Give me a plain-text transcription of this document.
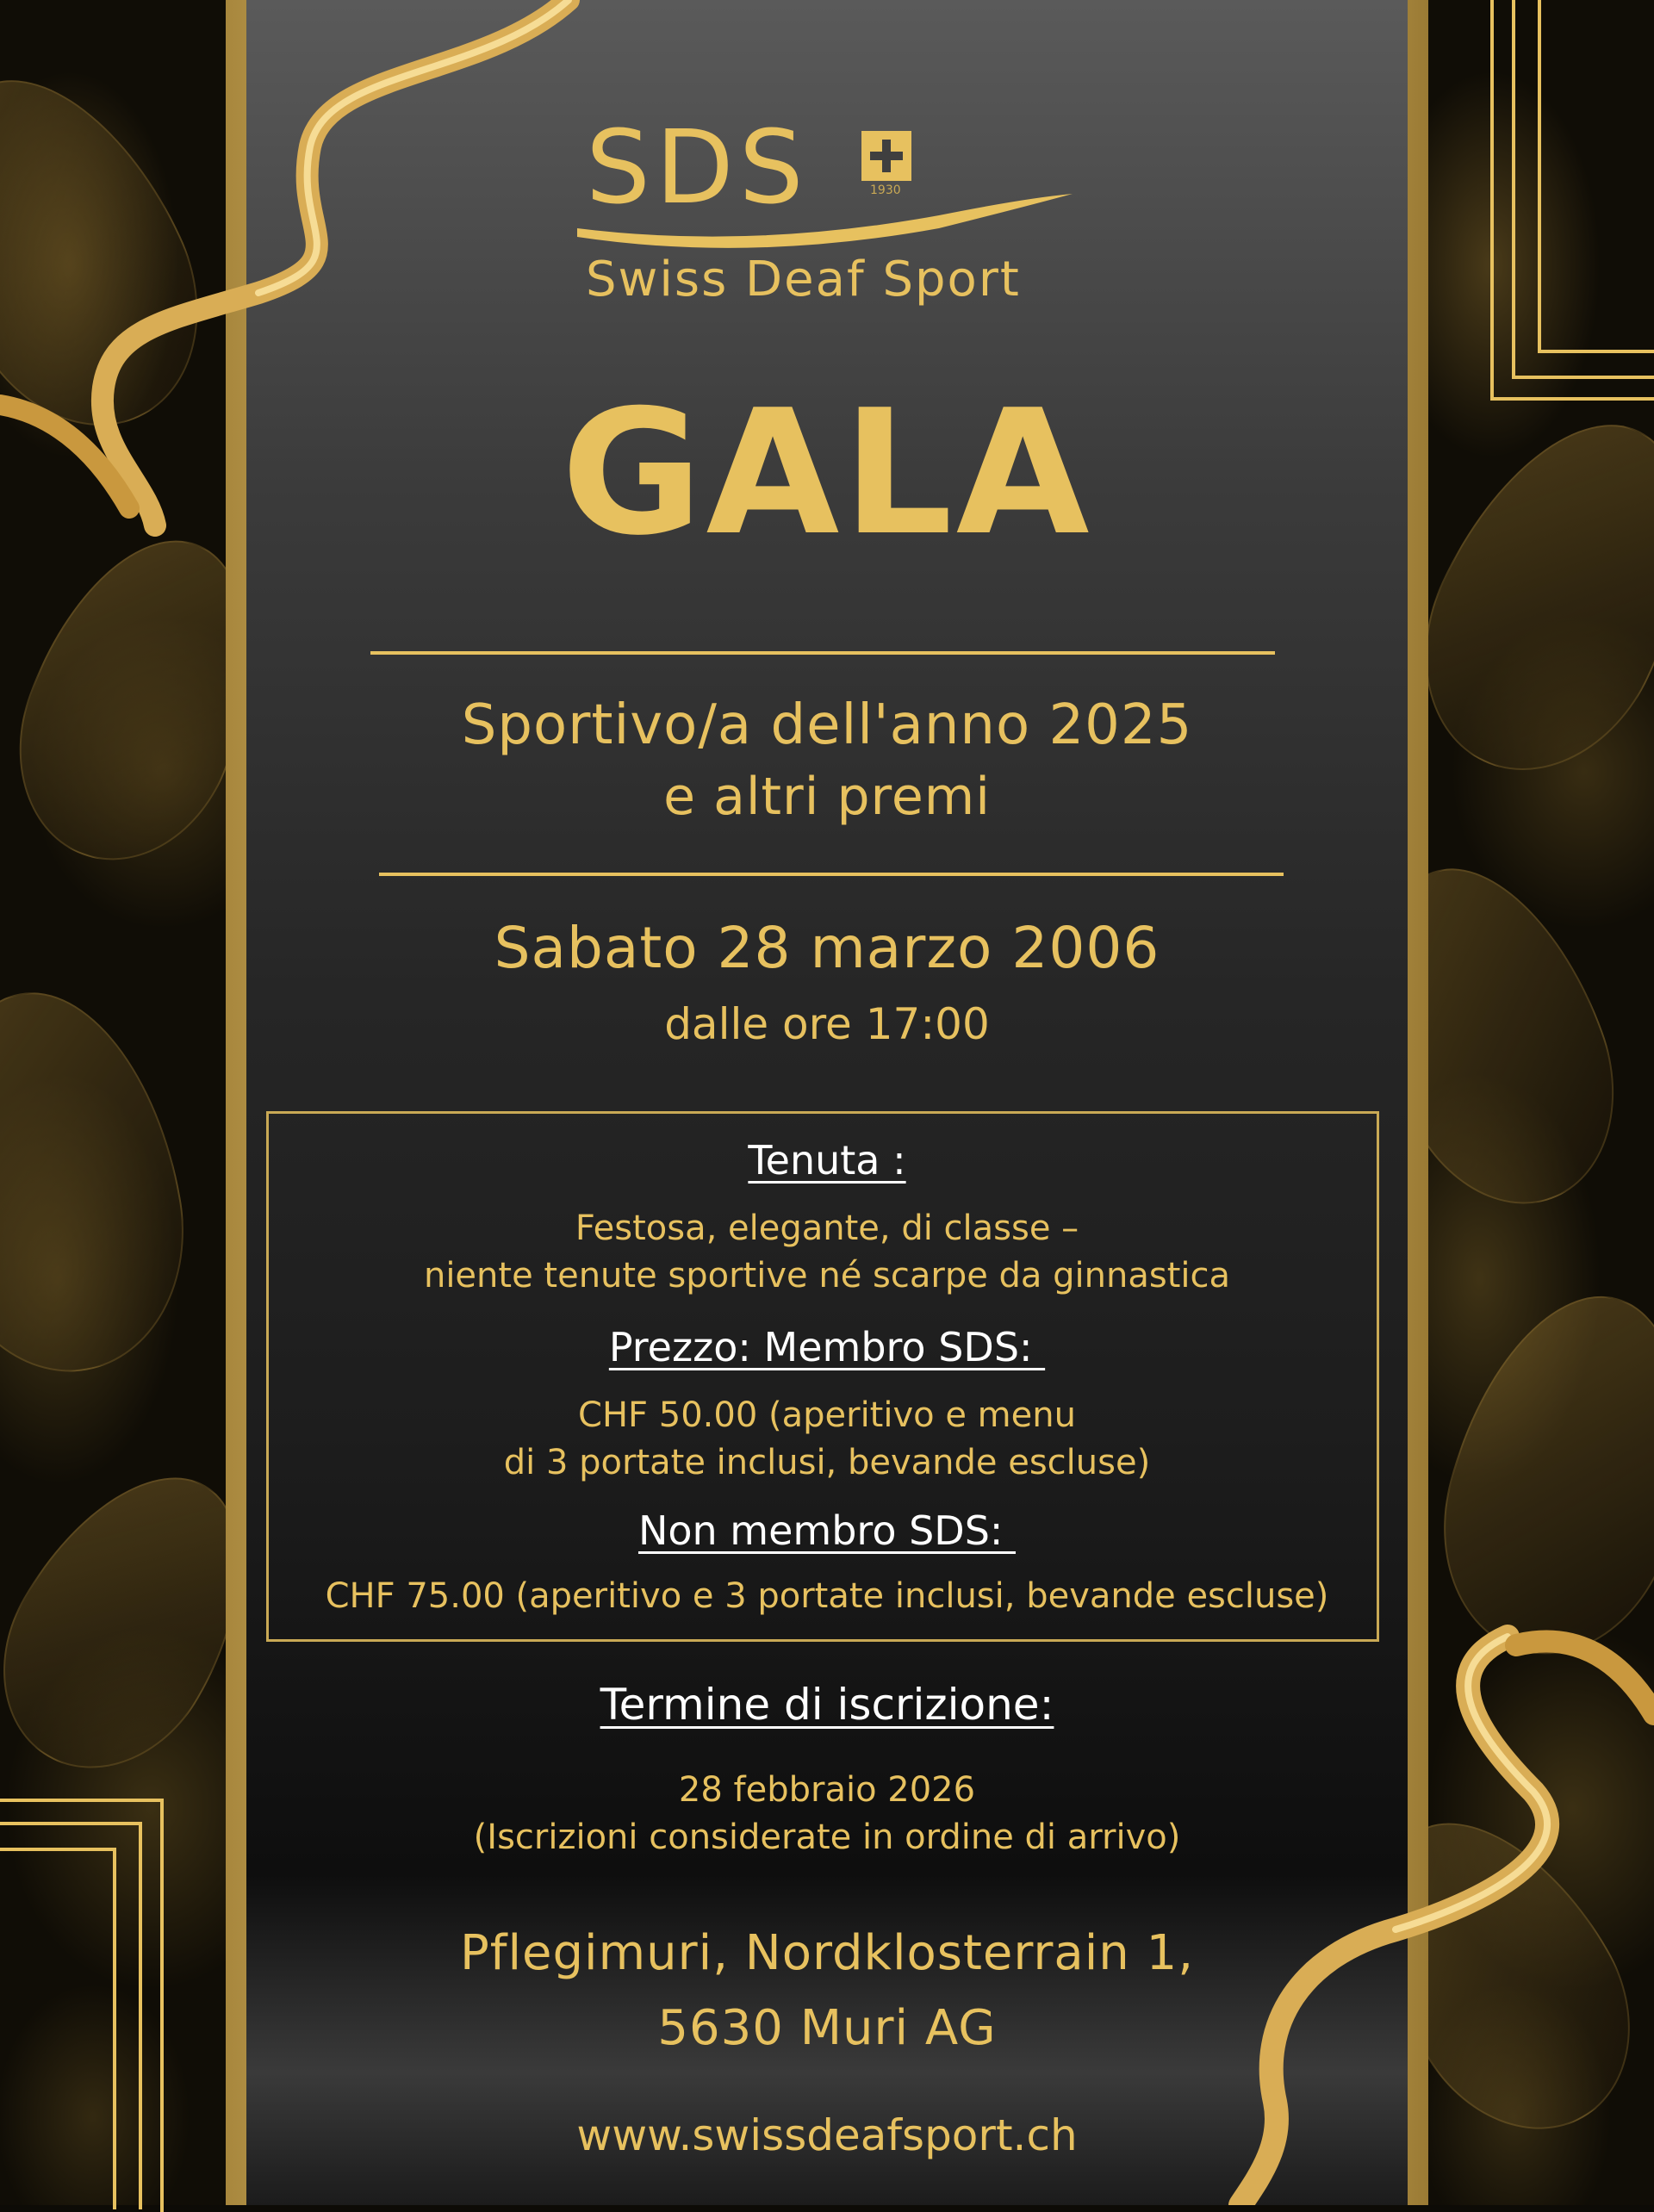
SDS	1930
Swiss Deaf Sport
GALA
Sportivo/a dell'anno 2025
e altri premi
Sabato 28 marzo 2006
dalle ore 17:00
Tenuta :
Festosa, elegante, di classe –
niente tenute sportive né scarpe da ginnastica
Prezzo: Membro SDS:
CHF 50.00 (aperitivo e menu
di 3 portate inclusi, bevande escluse)
Non membro SDS:
CHF 75.00 (aperitivo e 3 portate inclusi, bevande escluse)
Termine di iscrizione:
28 febbraio 2026
(Iscrizioni considerate in ordine di arrivo)
Pflegimuri, Nordklosterrain 1,
5630 Muri AG
www.swissdeafsport.ch
